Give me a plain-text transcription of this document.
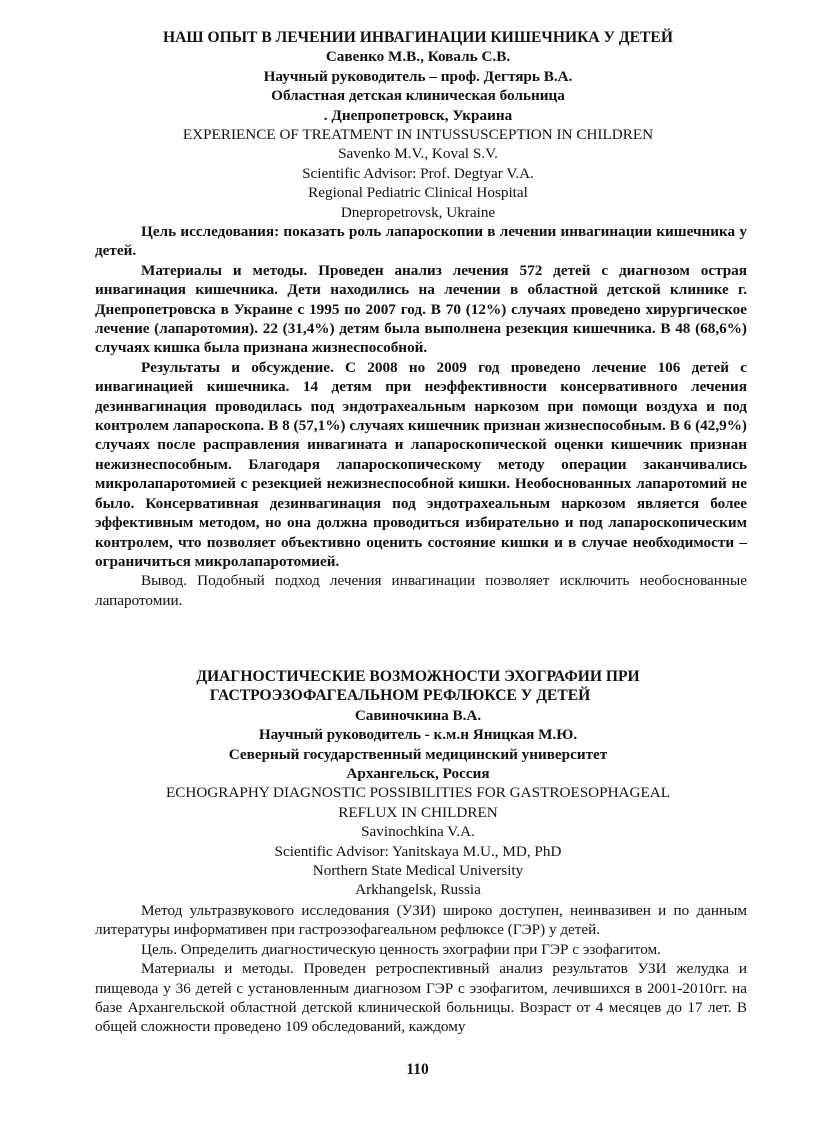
НАШ ОПЫТ В ЛЕЧЕНИИ ИНВАГИНАЦИИ КИШЕЧНИКА У ДЕТЕЙ
Савенко М.В., Коваль С.В.
Научный руководитель – проф. Дегтярь В.А.
Областная детская клиническая больница
. Днепропетровск, Украина
EXPERIENCE OF TREATMENT IN INTUSSUSCEPTION IN CHILDREN
Savenko M.V., Koval S.V.
Scientific Advisor: Prof. Degtyar V.A.
Regional Pediatric Clinical Hospital
Dnepropetrovsk, Ukraine

Цель исследования: показать роль лапароскопии в лечении инвагинации кишечника у детей.

Материалы и методы. Проведен анализ лечения 572 детей с диагнозом острая инвагинация кишечника. Дети находились на лечении в областной детской клинике г. Днепропетровска в Украине с 1995 по 2007 год. В 70 (12%) случаях проведено хирургическое лечение (лапаротомия). 22 (31,4%) детям была выполнена резекция кишечника. В 48 (68,6%) случаях кишка была признана жизнеспособной.

Результаты и обсуждение. С 2008 но 2009 год проведено лечение 106 детей с инвагинацией кишечника. 14 детям при неэффективности консервативного лечения дезинвагинация проводилась под эндотрахеальным наркозом при помощи воздуха и под контролем лапароскопа. В 8 (57,1%) случаях кишечник признан жизнеспособным. В 6 (42,9%) случаях после расправления инвагината и лапароскопической оценки кишечник признан нежизнеспособным. Благодаря лапароскопическому методу операции заканчивались микролапаротомией с резекцией нежизнеспособной кишки. Необоснованных лапаротомий не было. Консервативная дезинвагинация под эндотрахеальным наркозом является более эффективным методом, но она должна проводиться избирательно и под лапароскопическим контролем, что позволяет объективно оценить состояние кишки и в случае необходимости – ограничиться микролапаротомией.

Вывод. Подобный подход лечения инвагинации позволяет исключить необоснованные лапаротомии.

ДИАГНОСТИЧЕСКИЕ ВОЗМОЖНОСТИ ЭХОГРАФИИ ПРИ
ГАСТРОЭЗОФАГЕАЛЬНОМ РЕФЛЮКСЕ У ДЕТЕЙ
Савиночкина В.А.
Научный руководитель - к.м.н Яницкая М.Ю.
Северный государственный медицинский университет
Архангельск, Россия
ECHOGRAPHY DIAGNOSTIC POSSIBILITIES FOR GASTROESOPHAGEAL
REFLUX IN CHILDREN
Savinochkina V.A.
Scientific Advisor: Yanitskaya M.U., MD, PhD
Northern State Medical University
Arkhangelsk, Russia

Метод ультразвукового исследования (УЗИ) широко доступен, неинвазивен и по данным литературы информативен при гастроэзофагеальном рефлюксе (ГЭР) у детей.

Цель. Определить диагностическую ценность эхографии при ГЭР с эзофагитом.

Материалы и методы. Проведен ретроспективный анализ результатов УЗИ желудка и пищевода у 36 детей с установленным диагнозом ГЭР с эзофагитом, лечившихся в 2001-2010гг. на базе Архангельской областной детской клинической больницы. Возраст от 4 месяцев до 17 лет. В общей сложности проведено 109 обследований, каждому

110
